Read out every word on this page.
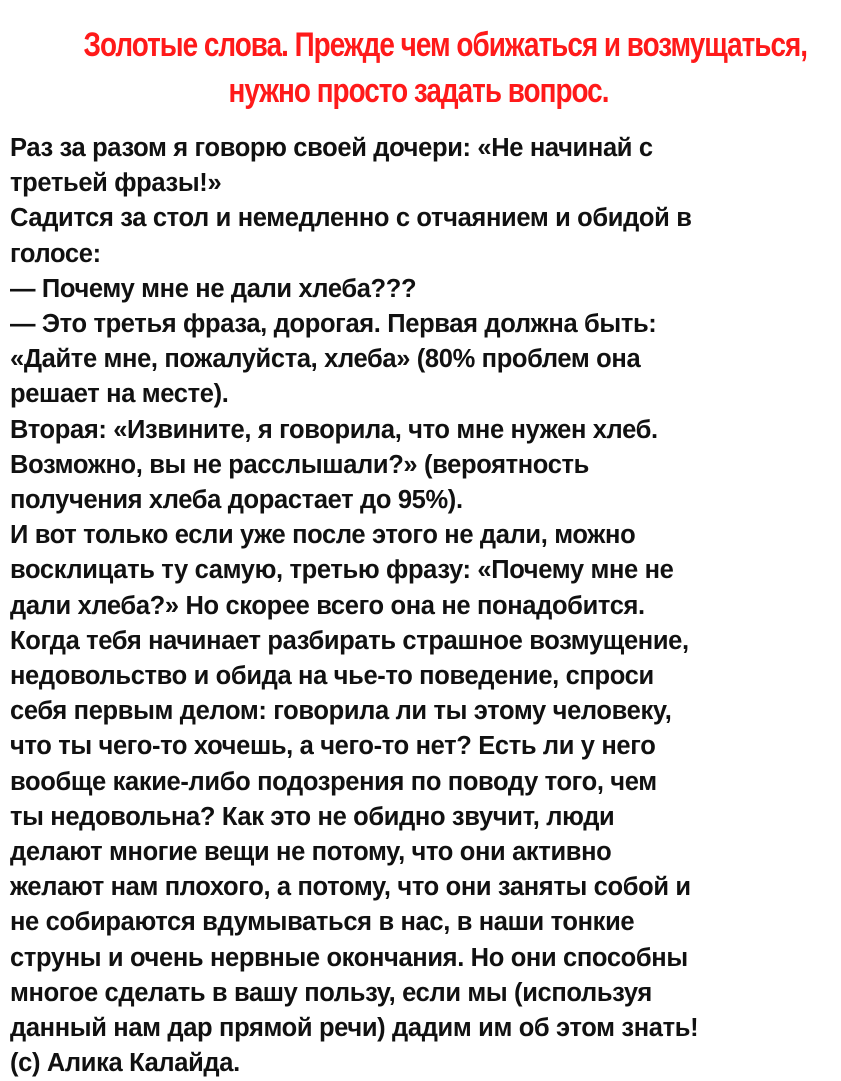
Золотые слова. Прежде чем обижаться и возмущаться,
нужно просто задать вопрос.
Раз за разом я говорю своей дочери: «Не начинай с
третьей фразы!»
Садится за стол и немедленно с отчаянием и обидой в
голосе:
— Почему мне не дали хлеба???
— Это третья фраза, дорогая. Первая должна быть:
«Дайте мне, пожалуйста, хлеба» (80% проблем она
решает на месте).
Вторая: «Извините, я говорила, что мне нужен хлеб.
Возможно, вы не расслышали?» (вероятность
получения хлеба дорастает до 95%).
И вот только если уже после этого не дали, можно
восклицать ту самую, третью фразу: «Почему мне не
дали хлеба?» Но скорее всего она не понадобится.
Когда тебя начинает разбирать страшное возмущение,
недовольство и обида на чье-то поведение, спроси
себя первым делом: говорила ли ты этому человеку,
что ты чего-то хочешь, а чего-то нет? Есть ли у него
вообще какие-либо подозрения по поводу того, чем
ты недовольна? Как это не обидно звучит, люди
делают многие вещи не потому, что они активно
желают нам плохого, а потому, что они заняты собой и
не собираются вдумываться в нас, в наши тонкие
струны и очень нервные окончания. Но они способны
многое сделать в вашу пользу, если мы (используя
данный нам дар прямой речи) дадим им об этом знать!
(c) Алика Калайда.
